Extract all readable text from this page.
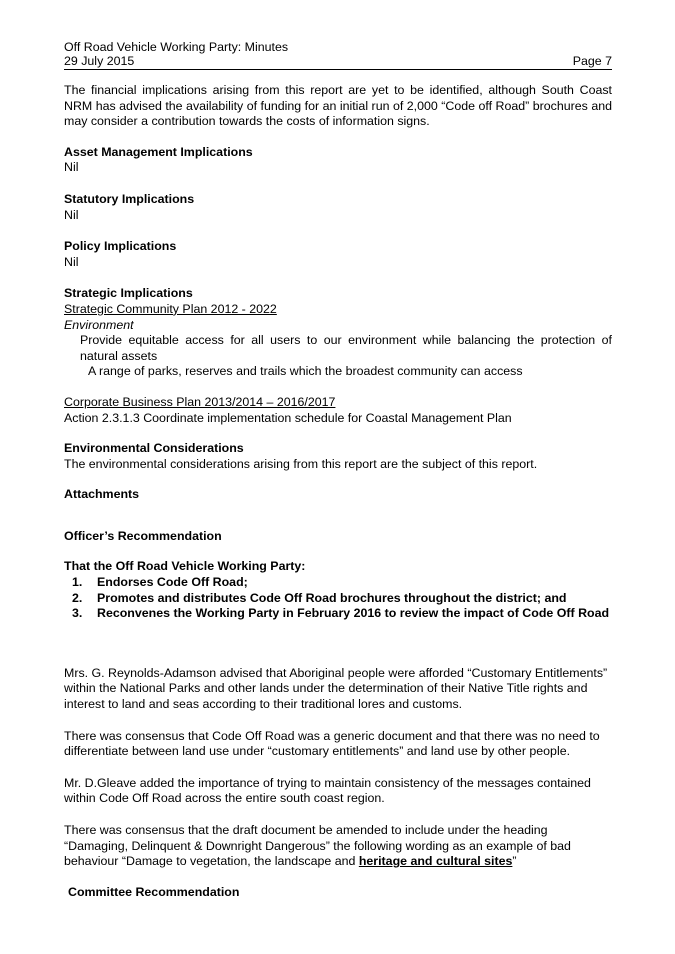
Off Road Vehicle Working Party: Minutes
29 July 2015	Page 7

The financial implications arising from this report are yet to be identified, although South Coast NRM has advised the availability of funding for an initial run of 2,000 “Code off Road” brochures and may consider a contribution towards the costs of information signs.

Asset Management Implications

Nil

Statutory Implications

Nil

Policy Implications

Nil

Strategic Implications

Strategic Community Plan 2012 - 2022

Environment

Provide equitable access for all users to our environment while balancing the protection of natural assets

A range of parks, reserves and trails which the broadest community can access

Corporate Business Plan 2013/2014 – 2016/2017

Action 2.3.1.3 Coordinate implementation schedule for Coastal Management Plan

Environmental Considerations

The environmental considerations arising from this report are the subject of this report.

Attachments

Officer’s Recommendation

That the Off Road Vehicle Working Party:

1.	Endorses Code Off Road;
2.	Promotes and distributes Code Off Road brochures throughout the district; and
3.	Reconvenes the Working Party in February 2016 to review the impact of Code Off Road

Mrs. G. Reynolds-Adamson advised that Aboriginal people were afforded “Customary Entitlements” within the National Parks and other lands under the determination of their Native Title rights and interest to land and seas according to their traditional lores and customs.

There was consensus that Code Off Road was a generic document and that there was no need to differentiate between land use under “customary entitlements” and land use by other people.

Mr. D.Gleave added the importance of trying to maintain consistency of the messages contained within Code Off Road across the entire south coast region.

There was consensus that the draft document be amended to include under the heading “Damaging, Delinquent & Downright Dangerous” the following wording as an example of bad behaviour “Damage to vegetation, the landscape and heritage and cultural sites”

Committee Recommendation
